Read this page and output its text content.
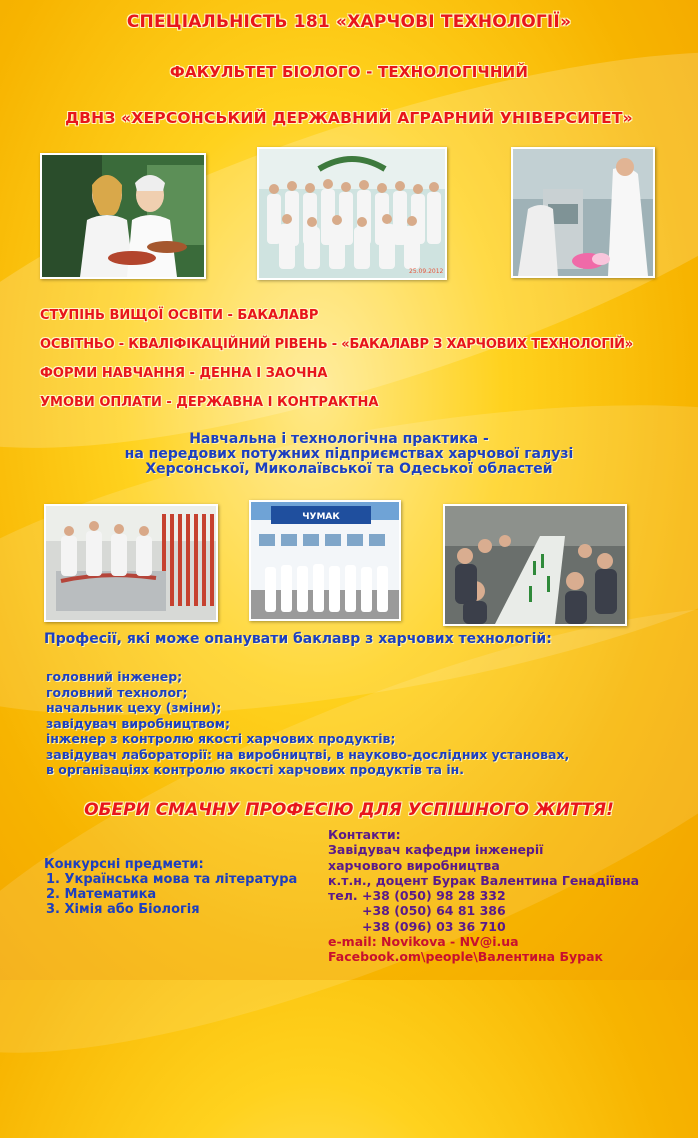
СПЕЦІАЛЬНІСТЬ 181 «ХАРЧОВІ ТЕХНОЛОГІЇ»
ФАКУЛЬТЕТ БІОЛОГО - ТЕХНОЛОГІЧНИЙ
ДВНЗ «ХЕРСОНСЬКИЙ ДЕРЖАВНИЙ АГРАРНИЙ УНІВЕРСИТЕТ»
25.09.2012
СТУПІНЬ ВИЩОЇ ОСВІТИ - БАКАЛАВР
ОСВІТНЬО - КВАЛІФІКАЦІЙНИЙ РІВЕНЬ - «БАКАЛАВР З ХАРЧОВИХ ТЕХНОЛОГІЙ»
ФОРМИ НАВЧАННЯ - ДЕННА І ЗАОЧНА
УМОВИ ОПЛАТИ - ДЕРЖАВНА І КОНТРАКТНА
Навчальна і технологічна практика -
на передових потужних підприємствах харчової галузі
Херсонської, Миколаївської та Одеської областей
ЧУМАК
Професії, які може опанувати баклавр з харчових технологій:
головний інженер;
головний технолог;
начальник цеху (зміни);
завідувач виробництвом;
інженер з контролю якості харчових продуктів;
завідувач лабораторії: на виробництві, в науково-дослідних установах,
в організаціях контролю якості харчових продуктів та ін.
ОБЕРИ СМАЧНУ ПРОФЕСІЮ ДЛЯ УСПІШНОГО ЖИТТЯ!
Конкурсні предмети:
1. Українська мова та література
2. Математика
3. Хімія або Біологія
Контакти:
Завідувач кафедри інженерії
харчового виробництва
к.т.н., доцент Бурак Валентина Генадіївна
тел. +38 (050) 98 28 332
+38 (050) 64 81 386
+38 (096) 03 36 710
e-mail: Novikova - NV@i.ua
Facebook.om\people\Валентина Бурак
